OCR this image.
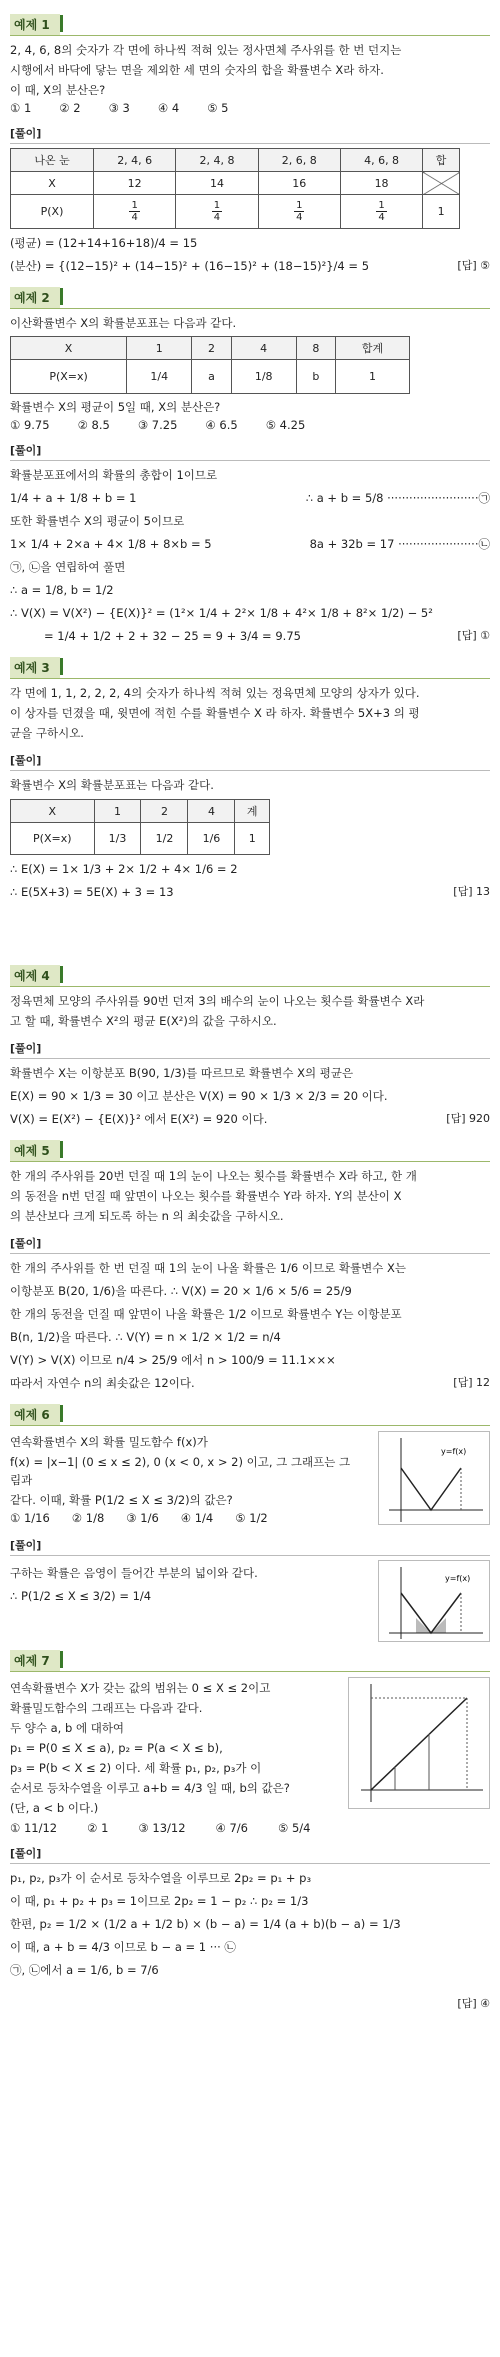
예제 1
2, 4, 6, 8의 숫자가 각 면에 하나씩 적혀 있는 정사면체 주사위를 한 번 던지는
시행에서 바닥에 닿는 면을 제외한 세 면의 숫자의 합을 확률변수 X라 하자.
이 때, X의 분산은?
① 1 ② 2 ③ 3 ④ 4 ⑤ 5
[풀이]
나온 눈	2, 4, 6	2, 4, 8	2, 6, 8	4, 6, 8	합
X	12	14	16	18	
P(X)	$\frac{1}{4}$	$\frac{1}{4}$	$\frac{1}{4}$	$\frac{1}{4}$	1
(평균) = (12+14+16+18)/4 = 15
(분산) = {(12−15)² + (14−15)² + (16−15)² + (18−15)²}/4 = 5	[답] ⑤
예제 2
이산확률변수 X의 확률분포표는 다음과 같다.
X	1	2	4	8	합계
P(X=x)	1/4	a	1/8	b	1
확률변수 X의 평균이 5일 때, X의 분산은?
① 9.75 ② 8.5 ③ 7.25 ④ 6.5 ⑤ 4.25
[풀이]
확률분포표에서의 확률의 총합이 1이므로
1/4 + a + 1/8 + b = 1	∴ a + b = 5/8 ·························㉠
또한 확률변수 X의 평균이 5이므로
1× 1/4 + 2×a + 4× 1/8 + 8×b = 5	8a + 32b = 17 ······················㉡
㉠, ㉡을 연립하여 풀면
∴ a = 1/8, b = 1/2
∴ V(X) = V(X²) − {E(X)}² = (1²× 1/4 + 2²× 1/8 + 4²× 1/8 + 8²× 1/2) − 5²
= 1/4 + 1/2 + 2 + 32 − 25 = 9 + 3/4 = 9.75	[답] ①
예제 3
각 면에 1, 1, 2, 2, 2, 4의 숫자가 하나씩 적혀 있는 정육면체 모양의 상자가 있다.
이 상자를 던졌을 때, 윗면에 적힌 수를 확률변수 X 라 하자. 확률변수 5X+3 의 평
균을 구하시오.
[풀이]
확률변수 X의 확률분포표는 다음과 같다.
X	1	2	4	계
P(X=x)	1/3	1/2	1/6	1
∴ E(X) = 1× 1/3 + 2× 1/2 + 4× 1/6 = 2
∴ E(5X+3) = 5E(X) + 3 = 13	[답] 13
예제 4
정육면체 모양의 주사위를 90번 던져 3의 배수의 눈이 나오는 횟수를 확률변수 X라
고 할 때, 확률변수 X²의 평균 E(X²)의 값을 구하시오.
[풀이]
확률변수 X는 이항분포 B(90, 1/3)를 따르므로 확률변수 X의 평균은
E(X) = 90 × 1/3 = 30 이고 분산은 V(X) = 90 × 1/3 × 2/3 = 20 이다.
V(X) = E(X²) − {E(X)}² 에서 E(X²) = 920 이다.	[답] 920
예제 5
한 개의 주사위를 20번 던질 때 1의 눈이 나오는 횟수를 확률변수 X라 하고, 한 개
의 동전을 n번 던질 때 앞면이 나오는 횟수를 확률변수 Y라 하자. Y의 분산이 X
의 분산보다 크게 되도록 하는 n 의 최솟값을 구하시오.
[풀이]
한 개의 주사위를 한 번 던질 때 1의 눈이 나올 확률은 1/6 이므로 확률변수 X는
이항분포 B(20, 1/6)을 따른다. ∴ V(X) = 20 × 1/6 × 5/6 = 25/9
한 개의 동전을 던질 때 앞면이 나올 확률은 1/2 이므로 확률변수 Y는 이항분포
B(n, 1/2)을 따른다. ∴ V(Y) = n × 1/2 × 1/2 = n/4
V(Y) > V(X) 이므로 n/4 > 25/9 에서 n > 100/9 = 11.1×××
따라서 자연수 n의 최솟값은 12이다.	[답] 12
예제 6
연속확률변수 X의 확률 밀도함수 f(x)가
f(x) = |x−1| (0 ≤ x ≤ 2), 0 (x < 0, x > 2) 이고, 그 그래프는 그림과
같다. 이때, 확률 P(1/2 ≤ X ≤ 3/2)의 값은?
① 1/16 ② 1/8 ③ 1/6 ④ 1/4 ⑤ 1/2
y=f(x)
[풀이]
구하는 확률은 음영이 들어간 부분의 넓이와 같다.
∴ P(1/2 ≤ X ≤ 3/2) = 1/4
y=f(x)
예제 7
연속확률변수 X가 갖는 값의 범위는 0 ≤ X ≤ 2이고
확률밀도함수의 그래프는 다음과 같다.
두 양수 a, b 에 대하여
p₁ = P(0 ≤ X ≤ a), p₂ = P(a < X ≤ b),
p₃ = P(b < X ≤ 2) 이다. 세 확률 p₁, p₂, p₃가 이
순서로 등차수열을 이루고 a+b = 4/3 일 때, b의 값은?
(단, a < b 이다.)
① 11/12	② 1	③ 13/12	④ 7/6	⑤ 5/4
[풀이]
p₁, p₂, p₃가 이 순서로 등차수열을 이루므로 2p₂ = p₁ + p₃
이 때, p₁ + p₂ + p₃ = 1이므로 2p₂ = 1 − p₂ ∴ p₂ = 1/3
한편, p₂ = 1/2 × (1/2 a + 1/2 b) × (b − a) = 1/4 (a + b)(b − a) = 1/3
이 때, a + b = 4/3 이므로 b − a = 1 ··· ㉡
㉠, ㉡에서 a = 1/6, b = 7/6
[답] ④
